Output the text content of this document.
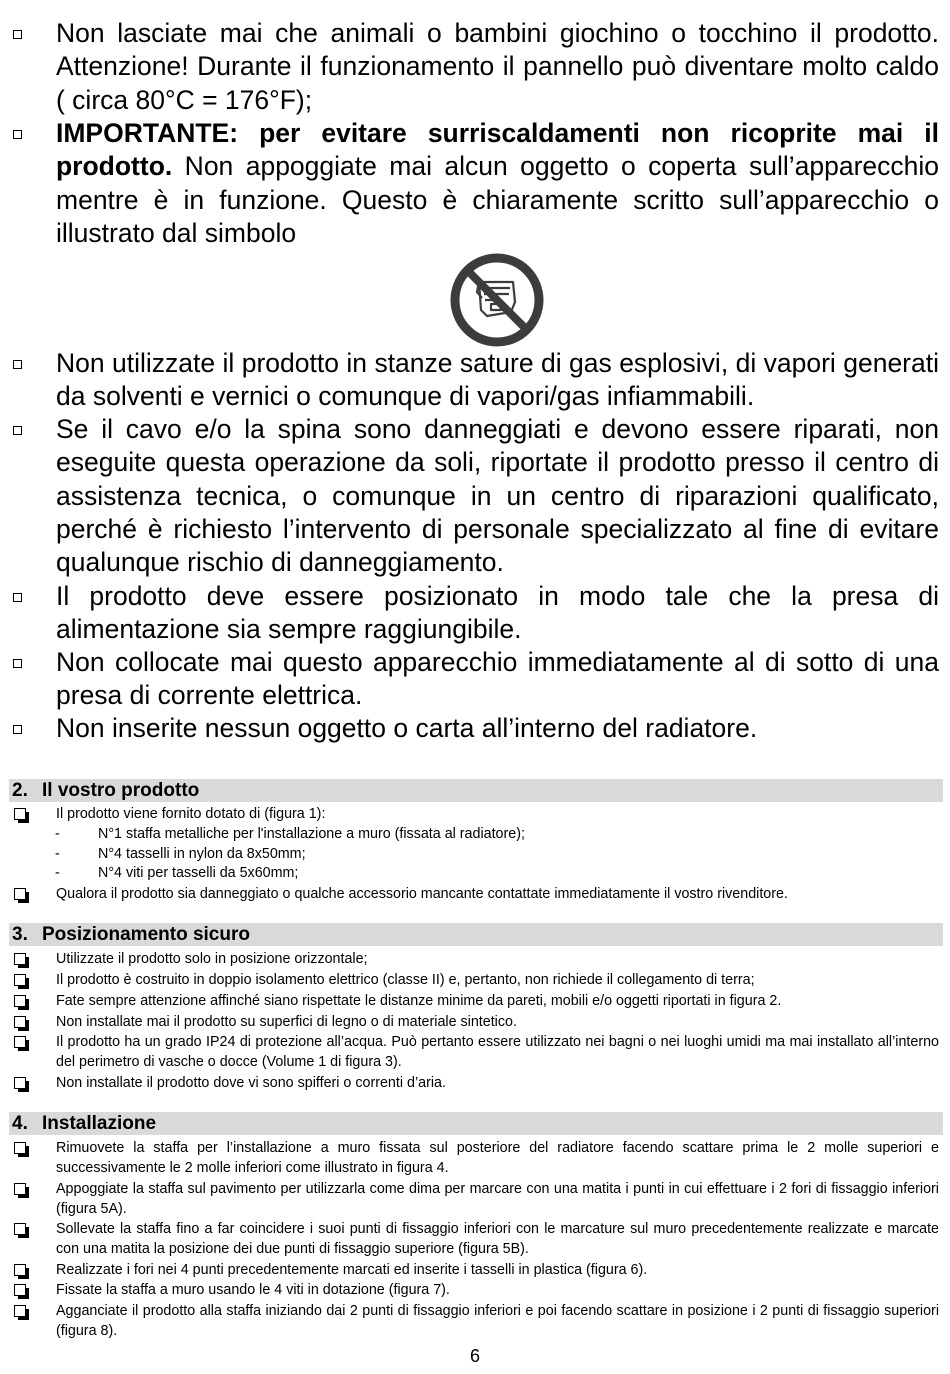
Non lasciate mai che animali o bambini giochino o tocchino il prodotto. Attenzione! Durante il funzionamento il pannello può diventare molto caldo ( circa 80°C = 176°F);

IMPORTANTE: per evitare surriscaldamenti non ricoprite mai il prodotto. Non appoggiate mai alcun oggetto o coperta sull’apparecchio mentre è in funzione. Questo è chiaramente scritto sull’apparecchio o illustrato dal simbolo

Non utilizzate il prodotto in stanze sature di gas esplosivi, di vapori generati da solventi e vernici o comunque di vapori/gas infiammabili.

Se il cavo e/o la spina sono danneggiati e devono essere riparati, non eseguite questa operazione da soli, riportate il prodotto presso il centro di assistenza tecnica, o comunque in un centro di riparazioni qualificato, perché è richiesto l’intervento di personale specializzato al fine di evitare qualunque rischio di danneggiamento.

Il prodotto deve essere posizionato in modo tale che la presa di alimentazione sia sempre raggiungibile.

Non collocate mai questo apparecchio immediatamente al di sotto di una presa di corrente elettrica.

Non inserite nessun oggetto o carta all’interno del radiatore.

2. Il vostro prodotto

Il prodotto viene fornito dotato di (figura 1):

-	N°1 staffa metalliche per l'installazione a muro (fissata al radiatore);
-	N°4 tasselli in nylon da 8x50mm;
-	N°4 viti per tasselli da 5x60mm;

Qualora il prodotto sia danneggiato o qualche accessorio mancante contattate immediatamente il vostro rivenditore.

3. Posizionamento sicuro

Utilizzate il prodotto solo in posizione orizzontale;

Il prodotto è costruito in doppio isolamento elettrico (classe II) e, pertanto, non richiede il collegamento di terra;

Fate sempre attenzione affinché siano rispettate le distanze minime da pareti, mobili e/o oggetti riportati in figura 2.

Non installate mai il prodotto su superfici di legno o di materiale sintetico.

Il prodotto ha un grado IP24 di protezione all’acqua. Può pertanto essere utilizzato nei bagni o nei luoghi umidi ma mai installato all’interno del perimetro di vasche o docce (Volume 1 di figura 3).

Non installate il prodotto dove vi sono spifferi o correnti d’aria.

4. Installazione

Rimuovete la staffa per l’installazione a muro fissata sul posteriore del radiatore facendo scattare prima le 2 molle superiori e successivamente le 2 molle inferiori come illustrato in figura 4.

Appoggiate la staffa sul pavimento per utilizzarla come dima per marcare con una matita i punti in cui effettuare i 2 fori di fissaggio inferiori (figura 5A).

Sollevate la staffa fino a far coincidere i suoi punti di fissaggio inferiori con le marcature sul muro precedentemente realizzate e marcate con una matita la posizione dei due punti di fissaggio superiore (figura 5B).

Realizzate i fori nei 4 punti precedentemente marcati ed inserite i tasselli in plastica (figura 6).

Fissate la staffa a muro usando le 4 viti in dotazione (figura 7).

Agganciate il prodotto alla staffa iniziando dai 2 punti di fissaggio inferiori e poi facendo scattare in posizione i 2 punti di fissaggio superiori (figura 8).

6
